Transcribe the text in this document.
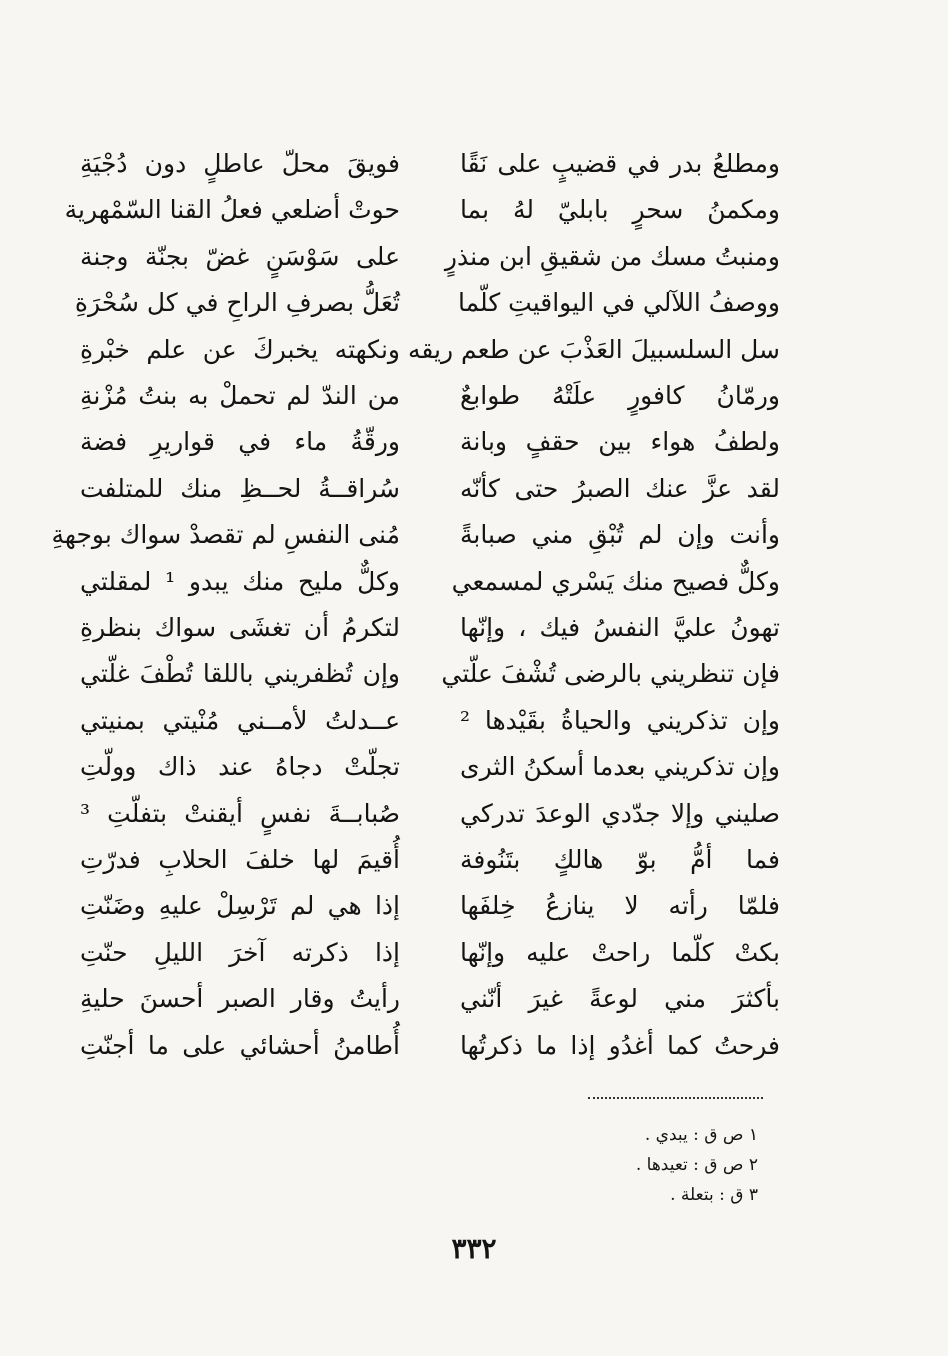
ومطلعُ بدر في قضيبٍ على نَقًا
فويقَ محلّ عاطلٍ دون دُجْيَةِ
ومكمنُ سحرٍ بابليّ لهُ بما
حوتْ أضلعي فعلُ القنا السّمْهرية
ومنبتُ مسك من شقيقِ ابن منذرٍ
على سَوْسَنٍ غضّ بجنّة وجنة
ووصفُ اللآلي في اليواقيتِ كلّما
تُعَلُّ بصرفِ الراحِ في كل سُحْرَةِ
سل السلسبيلَ العَذْبَ عن طعم ريقه
ونكهته يخبركَ عن علم خبْرةِ
ورمّانُ كافورٍ علَتْهُ طوابعٌ
من الندّ لم تحملْ به بنتُ مُزْنةِ
ولطفُ هواء بين حقفٍ وبانة
ورقّةُ ماء في قواريرِ فضة
لقد عزَّ عنك الصبرُ حتى كأنّه
سُراقــةُ لحــظِ منك للمتلفت
وأنت وإن لم تُبْقِ مني صبابةً
مُنى النفسِ لم تقصدْ سواك بوجهةِ
وكلٌّ فصيح منك يَسْري لمسمعي
وكلٌّ مليح منك يبدو ¹ لمقلتي
تهونُ عليَّ النفسُ فيك ، وإنّها
لتكرمُ أن تغشَى سواك بنظرةِ
فإن تنظريني بالرضى تُشْفَ علّتي
وإن تُظفريني باللقا تُطْفَ غلّتي
وإن تذكريني والحياةُ بقَيْدها ²
عــدلتُ لأمــني مُنْيتي بمنيتي
وإن تذكريني بعدما أسكنُ الثرى
تجلّتْ دجاهُ عند ذاك وولّتِ
صليني وإلا جدّدي الوعدَ تدركي
صُبابــةَ نفسٍ أيقنتْ بتفلّتِ ³
فما أمُّ بوّ هالكٍ بتَنُوفة
أُقيمَ لها خلفَ الحلابِ فدرّتِ
فلمّا رأته لا ينازعُ خِلفَها
إذا هي لم تَرْسِلْ عليهِ وضَنّتِ
بكتْ كلّما راحتْ عليه وإنّها
إذا ذكرته آخرَ الليلِ حنّتِ
بأكثرَ مني لوعةً غيرَ أنّني
رأيتُ وقار الصبر أحسنَ حليةِ
فرحتُ كما أغدُو إذا ما ذكرتُها
أُطامنُ أحشائي على ما أجنّتِ
١ ص ق : يبدي .
٢ ص ق : تعيدها .
٣ ق : بتعلة .
٣٣٢
